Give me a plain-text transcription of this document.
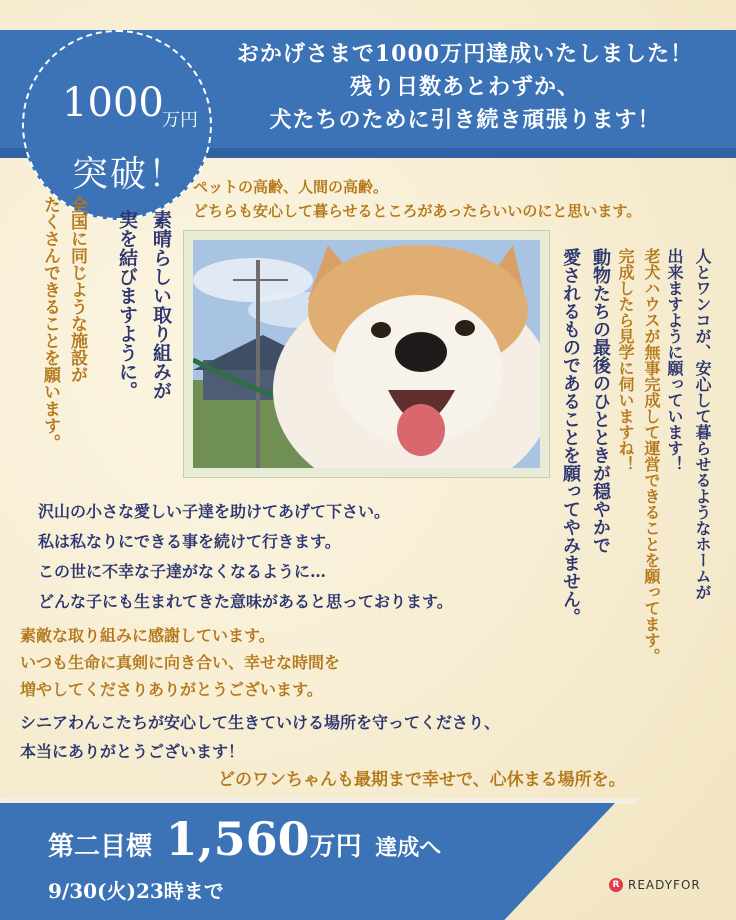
おかげさまで1000万円達成いたしました！
残り日数あとわずか、
犬たちのために引き続き頑張ります！
1000
万円
突破！ ペットの高齢、人間の高齢。
どちらも安心して暮らせるところがあったらいいのにと思います。
素晴らしい取り組みが
実を結びますように。
全国に同じような施設が
たくさんできることを願います。	人とワンコが、安心して暮らせるようなホームが
出来ますように願っています！
老犬ハウスが無事完成して運営できることを願ってます。
完成したら見学に伺いますね！
動物たちの最後のひとときが穏やかで
愛されるものであることを願ってやみません。
沢山の小さな愛しい子達を助けてあげて下さい。
私は私なりにできる事を続けて行きます。
この世に不幸な子達がなくなるように…
どんな子にも生まれてきた意味があると思っております。
素敵な取り組みに感謝しています。
いつも生命に真剣に向き合い、幸せな時間を
増やしてくださりありがとうございます。
シニアわんこたちが安心して生きていける場所を守ってくださり、
本当にありがとうございます！
どのワンちゃんも最期まで幸せで、心休まる場所を。
第二目標 1,560万円 達成へ
9/30(火)23時まで	R READYFOR
